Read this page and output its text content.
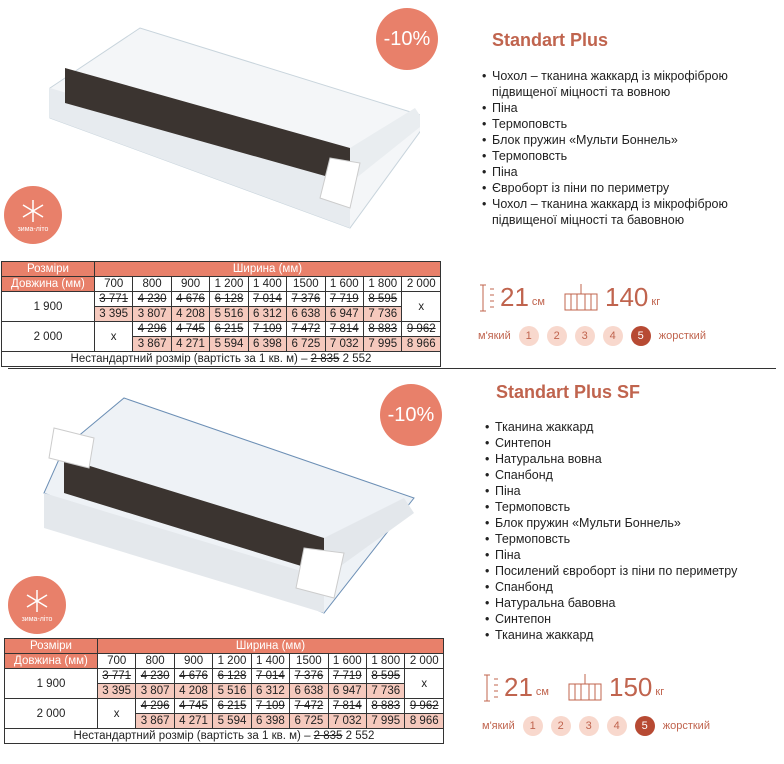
-10%
зима-літо
Standart Plus
• Чохол – тканина жаккард із мікрофіброю підвищеної міцності та вовною
• Піна
• Термоповсть
• Блок пружин «Мульти Боннель»
• Термоповсть
• Піна
• Євроборт із піни по периметру
• Чохол – тканина жаккард із мікрофіброю підвищеної міцності та бавовною
Розміри	Ширина (мм)								
Довжина (мм)	700	800	900	1 200	1 400	1500	1 600	1 800	2 000
1 900	3 771	4 230	4 676	6 128	7 014	7 376	7 719	8 595	x
	3 395	3 807	4 208	5 516	6 312	6 638	6 947	7 736	
2 000	x	4 296	4 745	6 215	7 109	7 472	7 814	8 883	9 962
		3 867	4 271	5 594	6 398	6 725	7 032	7 995	8 966
Нестандартний розмір (вартість за 1 кв. м) – 2 835 2 552									
21 см 140 кг
м'який	1	2	3	4	5	жорсткий
-10%
зима-літо
Standart Plus SF
• Тканина жаккард
• Синтепон
• Натуральна вовна
• Спанбонд
• Піна
• Термоповсть
• Блок пружин «Мульти Боннель»
• Термоповсть
• Піна
• Посилений євроборт із піни по периметру
• Спанбонд
• Натуральна бавовна
• Синтепон
• Тканина жаккард
Розміри	Ширина (мм)								
Довжина (мм)	700	800	900	1 200	1 400	1500	1 600	1 800	2 000
1 900	3 771	4 230	4 676	6 128	7 014	7 376	7 719	8 595	x
	3 395	3 807	4 208	5 516	6 312	6 638	6 947	7 736	
2 000	x	4 296	4 745	6 215	7 109	7 472	7 814	8 883	9 962
		3 867	4 271	5 594	6 398	6 725	7 032	7 995	8 966
Нестандартний розмір (вартість за 1 кв. м) – 2 835 2 552									
21 см 150 кг
м'який	1	2	3	4	5	жорсткий
